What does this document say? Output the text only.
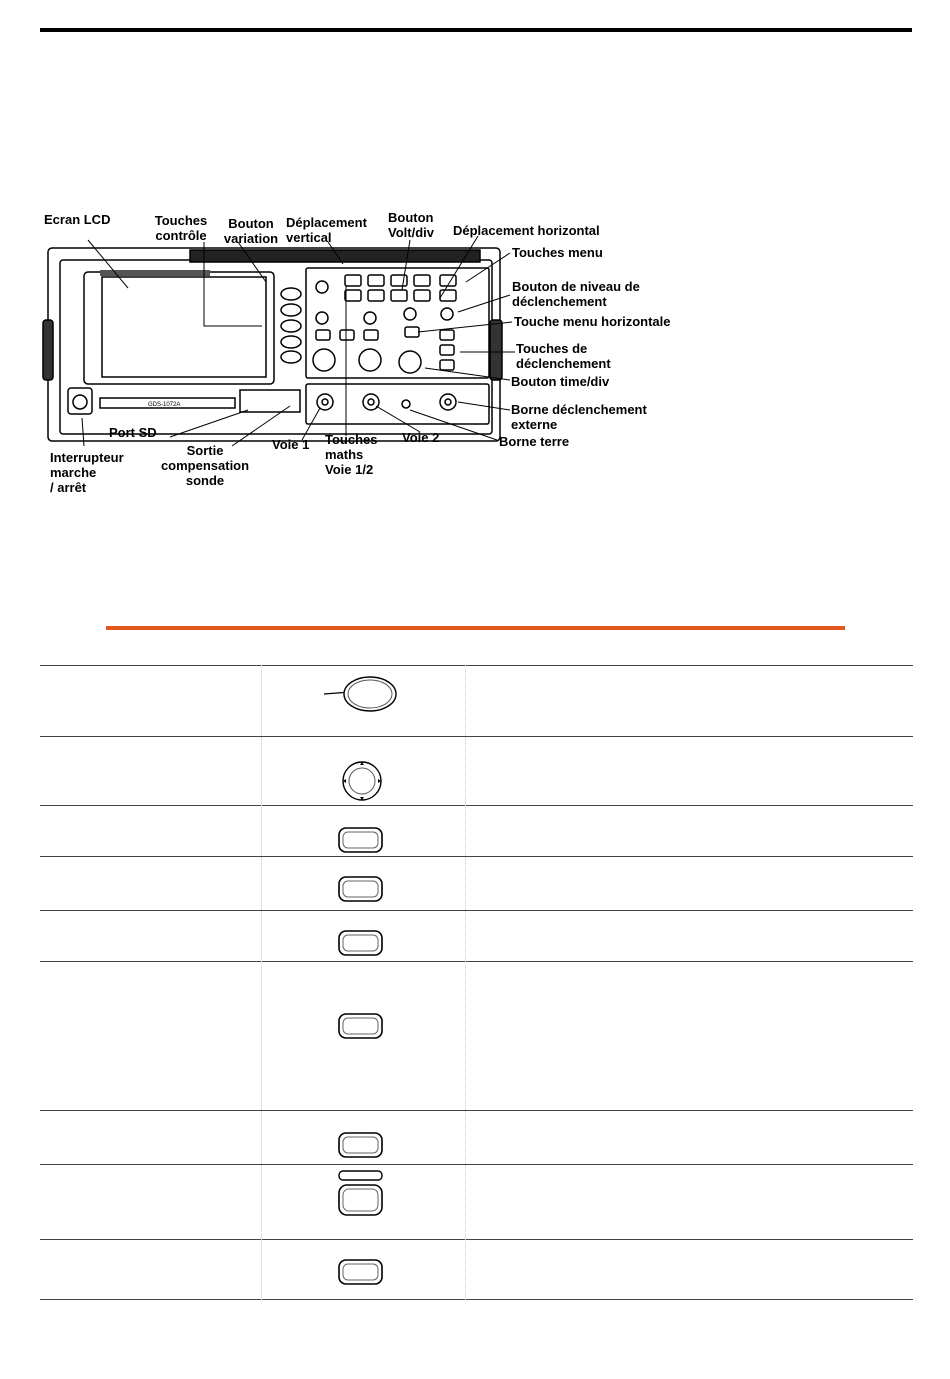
GDS-1072A
Ecran LCD	Touches
contrôle
Bouton
variation
Déplacement
vertical
Bouton
Volt/div Déplacement horizontal
Touches menu
Bouton de niveau de
déclenchement
Touche menu horizontale
Touches de
déclenchement
Bouton time/div
Borne déclenchement
externe
Borne terre
Voie 2
Touches
maths
Voie 1/2
Voie 1
Sortie
compensation
sonde
Port SD
Interrupteur
marche
/ arrêt
